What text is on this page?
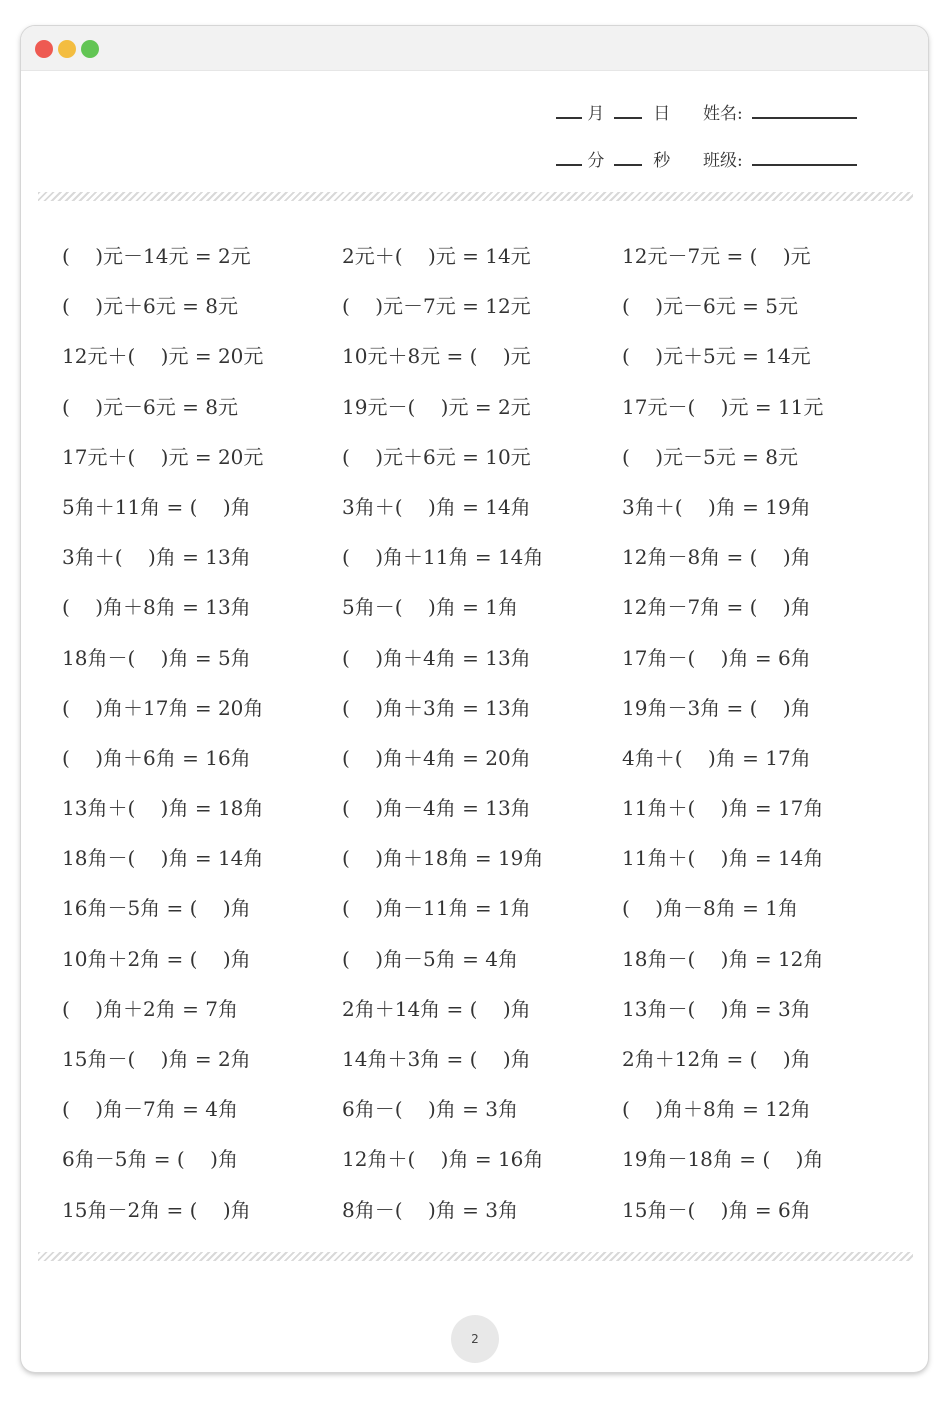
月	日 姓名:
分	秒 班级:
(    )元－14元 = 2元	2元＋(    )元 = 14元	12元－7元 = (    )元
(    )元＋6元 = 8元	(    )元－7元 = 12元	(    )元－6元 = 5元
12元＋(    )元 = 20元	10元＋8元 = (    )元	(    )元＋5元 = 14元
(    )元－6元 = 8元	19元－(    )元 = 2元	17元－(    )元 = 11元
17元＋(    )元 = 20元	(    )元＋6元 = 10元	(    )元－5元 = 8元
5角＋11角 = (    )角	3角＋(    )角 = 14角	3角＋(    )角 = 19角
3角＋(    )角 = 13角	(    )角＋11角 = 14角	12角－8角 = (    )角
(    )角＋8角 = 13角	5角－(    )角 = 1角	12角－7角 = (    )角
18角－(    )角 = 5角	(    )角＋4角 = 13角	17角－(    )角 = 6角
(    )角＋17角 = 20角	(    )角＋3角 = 13角	19角－3角 = (    )角
(    )角＋6角 = 16角	(    )角＋4角 = 20角	4角＋(    )角 = 17角
13角＋(    )角 = 18角	(    )角－4角 = 13角	11角＋(    )角 = 17角
18角－(    )角 = 14角	(    )角＋18角 = 19角	11角＋(    )角 = 14角
16角－5角 = (    )角	(    )角－11角 = 1角	(    )角－8角 = 1角
10角＋2角 = (    )角	(    )角－5角 = 4角	18角－(    )角 = 12角
(    )角＋2角 = 7角	2角＋14角 = (    )角	13角－(    )角 = 3角
15角－(    )角 = 2角	14角＋3角 = (    )角	2角＋12角 = (    )角
(    )角－7角 = 4角	6角－(    )角 = 3角	(    )角＋8角 = 12角
6角－5角 = (    )角	12角＋(    )角 = 16角	19角－18角 = (    )角
15角－2角 = (    )角	8角－(    )角 = 3角	15角－(    )角 = 6角
2
